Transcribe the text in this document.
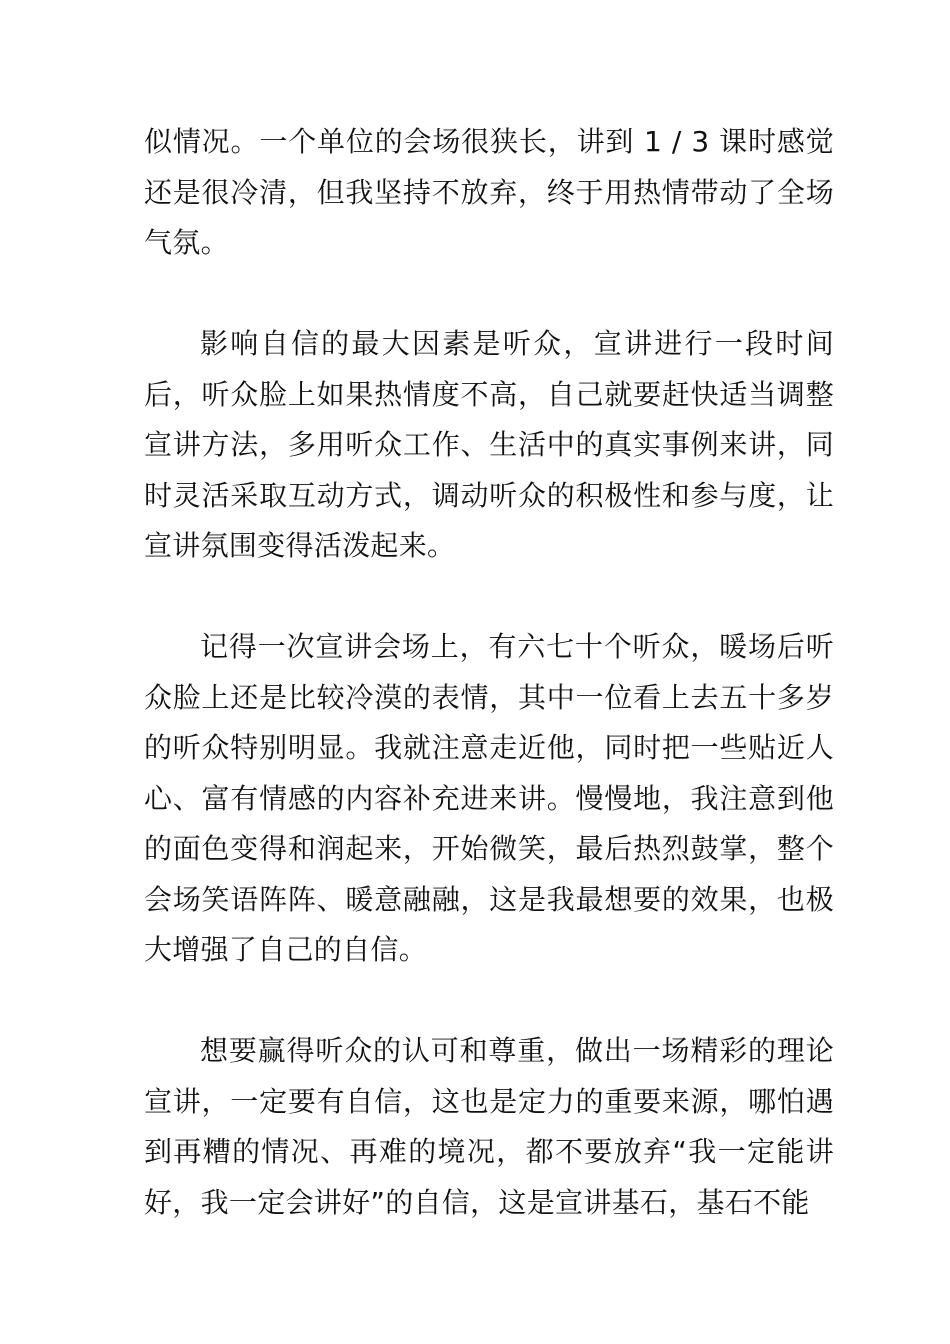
似情况。一个单位的会场很狭长，讲到 1 / 3 课时感觉还是很冷清，但我坚持不放弃，终于用热情带动了全场气氛。

影响自信的最大因素是听众，宣讲进行一段时间后，听众脸上如果热情度不高，自己就要赶快适当调整宣讲方法，多用听众工作、生活中的真实事例来讲，同时灵活采取互动方式，调动听众的积极性和参与度，让宣讲氛围变得活泼起来。

记得一次宣讲会场上，有六七十个听众，暖场后听众脸上还是比较冷漠的表情，其中一位看上去五十多岁的听众特别明显。我就注意走近他，同时把一些贴近人心、富有情感的内容补充进来讲。慢慢地，我注意到他的面色变得和润起来，开始微笑，最后热烈鼓掌，整个会场笑语阵阵、暖意融融，这是我最想要的效果，也极大增强了自己的自信。

想要赢得听众的认可和尊重，做出一场精彩的理论宣讲，一定要有自信，这也是定力的重要来源，哪怕遇到再糟的情况、再难的境况，都不要放弃“我一定能讲好，我一定会讲好”的自信，这是宣讲基石，基石不能
